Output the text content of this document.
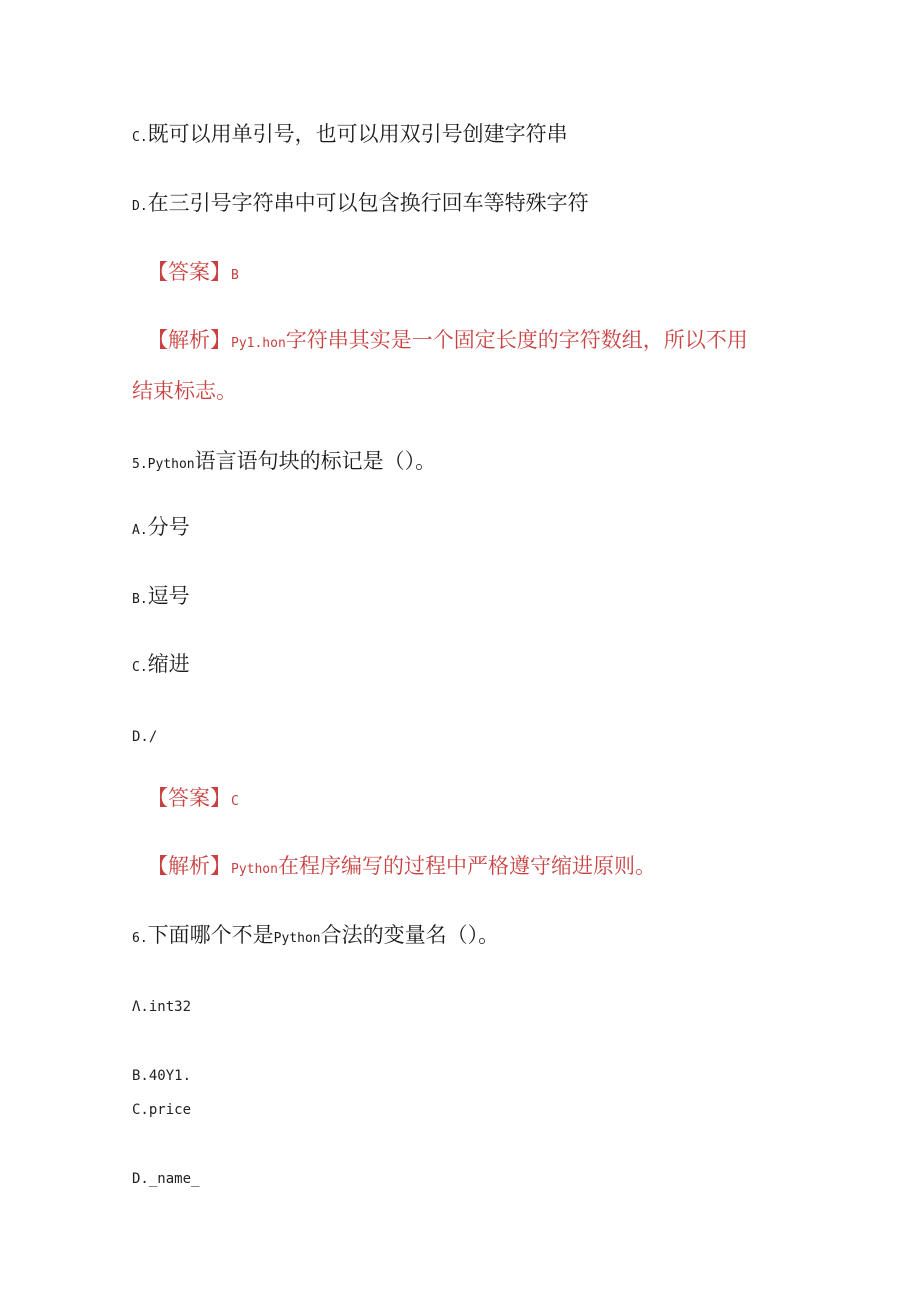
C.既可以用单引号，也可以用双引号创建字符串
D.在三引号字符串中可以包含换行回车等特殊字符
【答案】B
【解析】Py1.hon字符串其实是一个固定长度的字符数组，所以不用
结束标志。
5.Python语言语句块的标记是（）。
A.分号
B.逗号
C.缩进
D./
【答案】C
【解析】Python在程序编写的过程中严格遵守缩进原则。
6.下面哪个不是Python合法的变量名（）。
Λ.int32
B.40Y1.
C.price
D._name_
